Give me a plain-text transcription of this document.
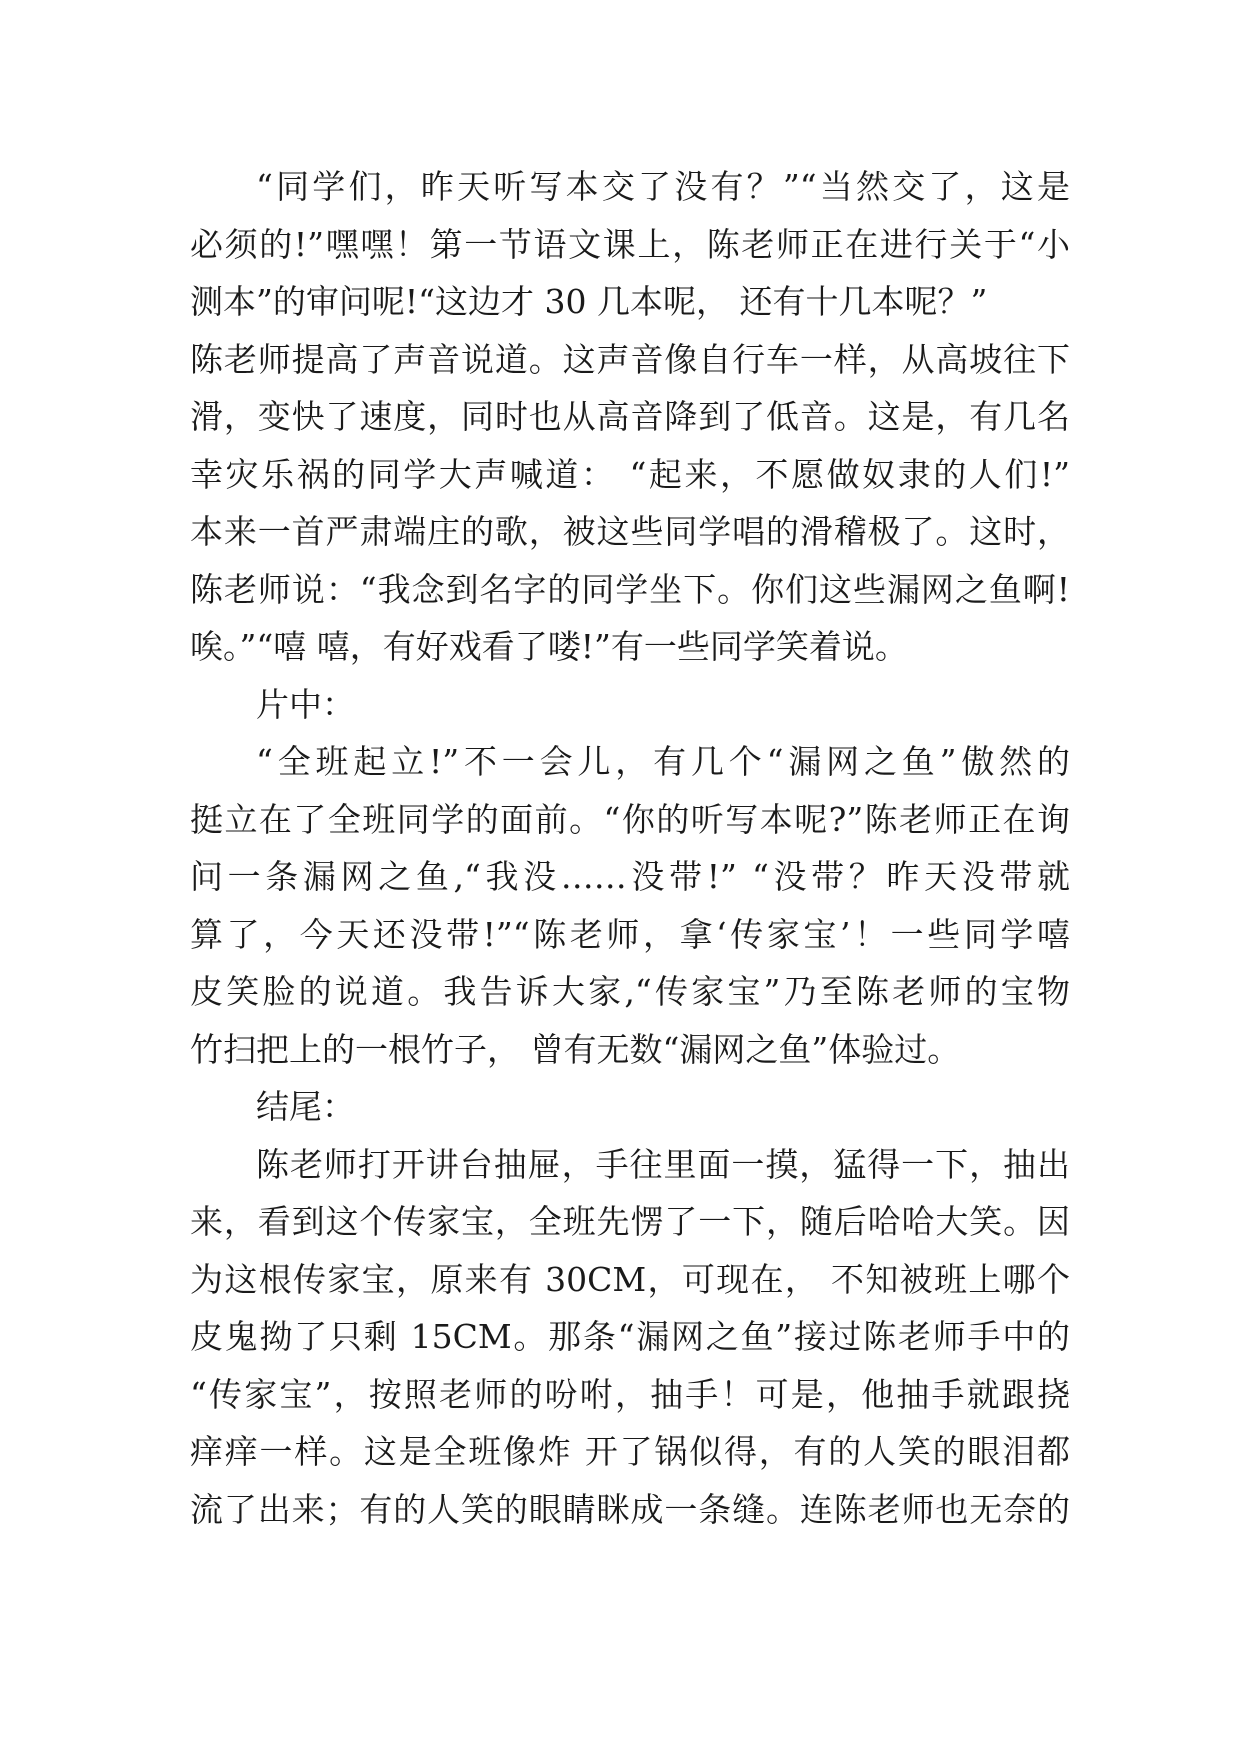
“同学们，昨天听写本交了没有？”“当然交了，这是
必须的!”嘿嘿！第一节语文课上，陈老师正在进行关于“小
测本”的审问呢!“这边才 30 几本呢， 还有十几本呢？”
陈老师提高了声音说道。这声音像自行车一样，从高坡往下
滑，变快了速度，同时也从高音降到了低音。这是，有几名
幸灾乐祸的同学大声喊道： “起来，不愿做奴隶的人们!”
本来一首严肃端庄的歌，被这些同学唱的滑稽极了。这时，
陈老师说：“我念到名字的同学坐下。你们这些漏网之鱼啊!
唉。”“嘻 嘻，有好戏看了喽!”有一些同学笑着说。
片中：
“全班起立!”不一会儿，有几个“漏网之鱼”傲然的
挺立在了全班同学的面前。“你的听写本呢?”陈老师正在询
问一条漏网之鱼,“我没……没带!” “没带？昨天没带就
算了，今天还没带!”“陈老师，拿‘传家宝’！一些同学嘻
皮笑脸的说道。我告诉大家,“传家宝”乃至陈老师的宝物
竹扫把上的一根竹子， 曾有无数“漏网之鱼”体验过。
结尾：
陈老师打开讲台抽屉，手往里面一摸，猛得一下，抽出
来，看到这个传家宝，全班先愣了一下，随后哈哈大笑。因
为这根传家宝，原来有 30CM，可现在， 不知被班上哪个
皮鬼拗了只剩 15CM。那条“漏网之鱼”接过陈老师手中的
“传家宝”，按照老师的吩咐，抽手！可是，他抽手就跟挠
痒痒一样。这是全班像炸 开了锅似得，有的人笑的眼泪都
流了出来；有的人笑的眼睛眯成一条缝。连陈老师也无奈的
